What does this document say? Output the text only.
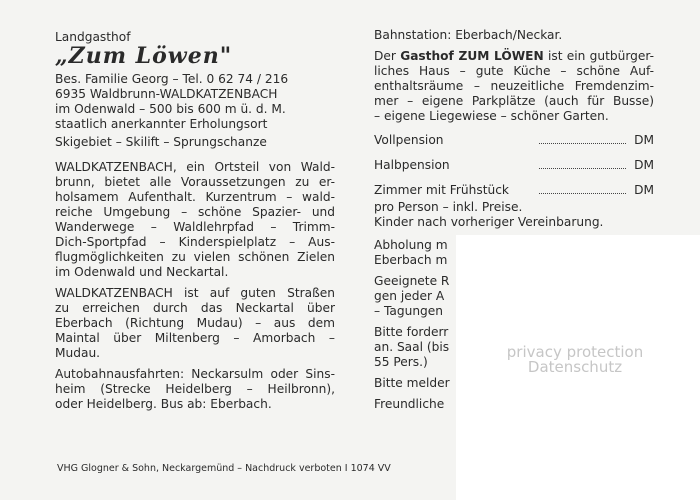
Landgasthof
„Zum Löwen"
Bes. Familie Georg – Tel. 0 62 74 / 216
6935 Waldbrunn-WALDKATZENBACH
im Odenwald – 500 bis 600 m ü. d. M.
staatlich anerkannter Erholungsort
Skigebiet – Skilift – Sprungschanze
WALDKATZENBACH, ein Ortsteil von Wald-
brunn, bietet alle Voraussetzungen zu er-
holsamem Aufenthalt. Kurzentrum – wald-
reiche Umgebung – schöne Spazier- und
Wanderwege – Waldlehrpfad – Trimm-
Dich-Sportpfad – Kinderspielplatz – Aus-
flugmöglichkeiten zu vielen schönen Zielen
im Odenwald und Neckartal.
WALDKATZENBACH ist auf guten Straßen
zu erreichen durch das Neckartal über
Eberbach (Richtung Mudau) – aus dem
Maintal über Miltenberg – Amorbach –
Mudau.
Autobahnausfahrten: Neckarsulm oder Sins-
heim (Strecke Heidelberg – Heilbronn),
oder Heidelberg. Bus ab: Eberbach.
Bahnstation: Eberbach/Neckar.
Der Gasthof ZUM LÖWEN ist ein gutbürger-
liches Haus – gute Küche – schöne Auf-
enthaltsräume – neuzeitliche Fremdenzim-
mer – eigene Parkplätze (auch für Busse)
– eigene Liegewiese – schöner Garten.
Vollpension	DM
Halbpension	DM
Zimmer mit Frühstück	DM
pro Person – inkl. Preise.
Kinder nach vorheriger Vereinbarung.
Abholung m
Eberbach m
Geeignete R
gen jeder A
– Tagungen
Bitte forderr
an. Saal (bis
55 Pers.)
Bitte melder
Freundliche
VHG Glogner & Sohn, Neckargemünd – Nachdruck verboten I 1074 VV
privacy protection
Datenschutz
